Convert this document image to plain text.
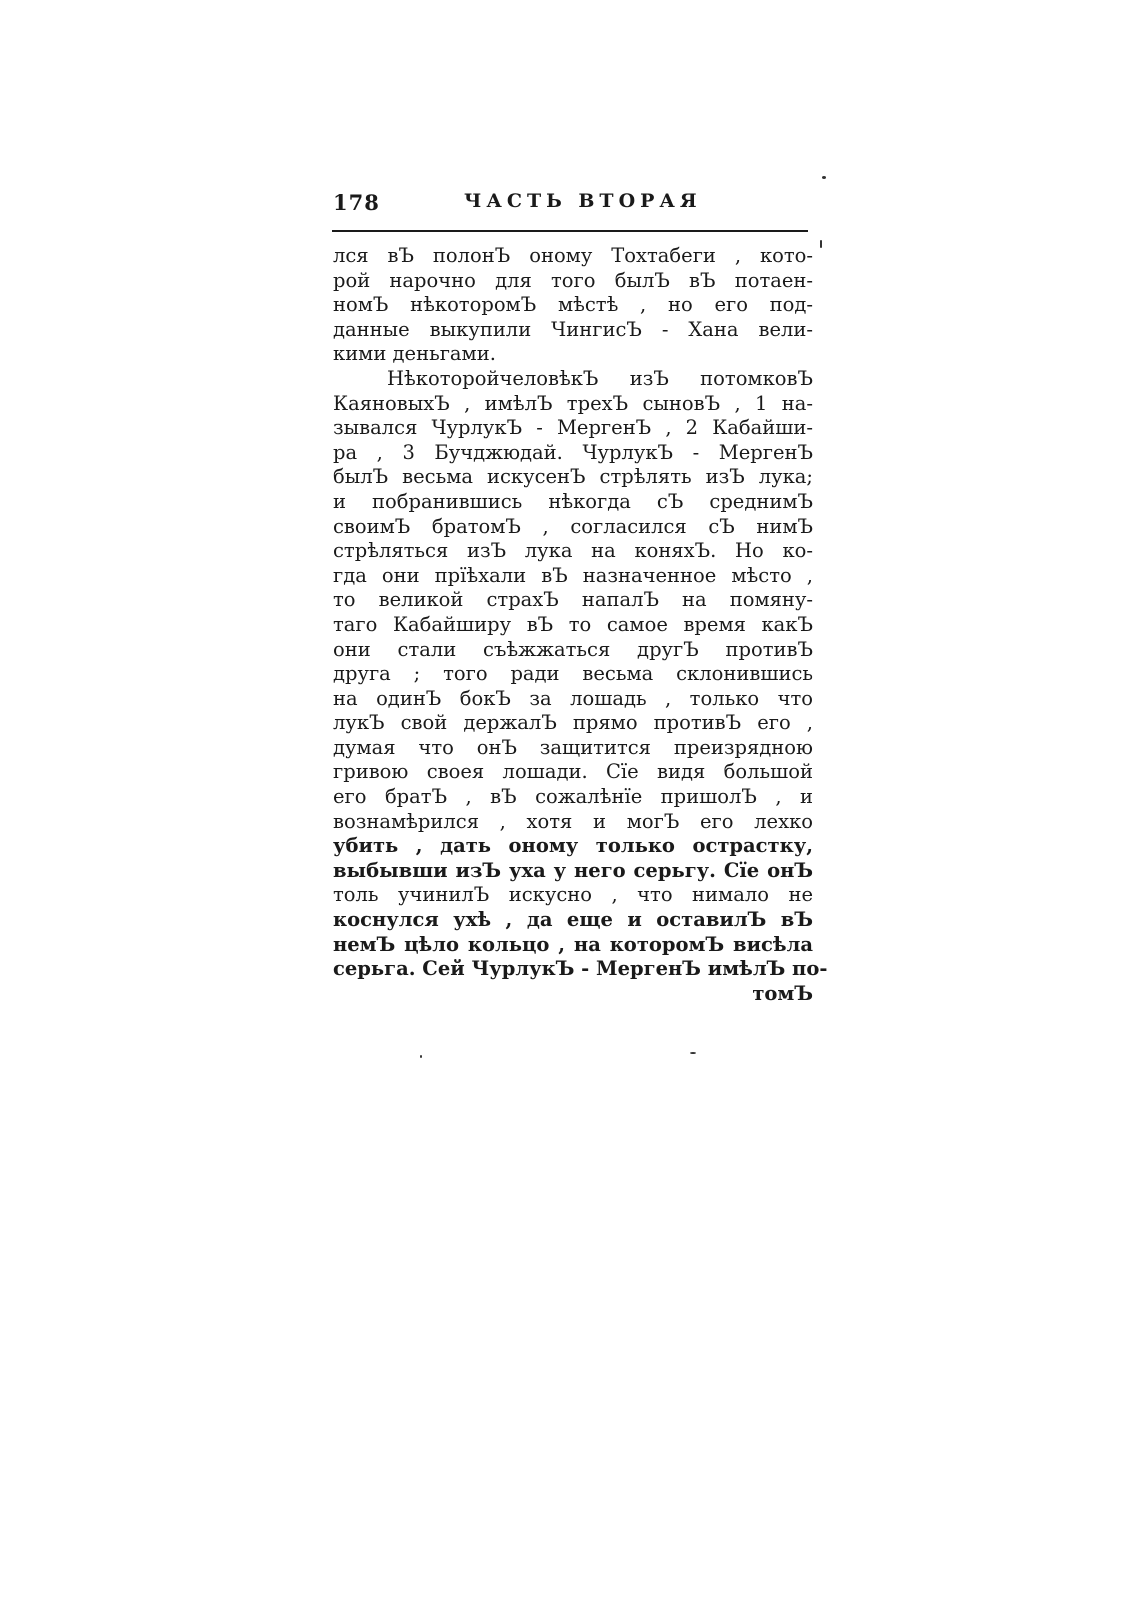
178	ЧАСТЬ ВТОРАЯ
лся вЪ полонЪ оному Тохтабеги , кото-
рой нарочно для того былЪ вЪ потаен-
номЪ нѣкоторомЪ мѣстѣ , но его под-
данные выкупили ЧингисЪ - Хана вели-
кими деньгами.
НѣкоторойчеловѣкЪ изЪ потомковЪ
КаяновыхЪ , имѣлЪ трехЪ сыновЪ , 1 на-
зывался ЧурлукЪ - МергенЪ , 2 Кабайши-
ра , 3 Бучджюдай. ЧурлукЪ - МергенЪ
былЪ весьма искусенЪ стрѣлять изЪ лука;
и побранившись нѣкогда сЪ среднимЪ
своимЪ братомЪ , согласился сЪ нимЪ
стрѣляться изЪ лука на коняхЪ. Но ко-
гда они прїѣхали вЪ назначенное мѣсто ,
то великой страхЪ напалЪ на помяну-
таго Кабайширу вЪ то самое время какЪ
они стали съѣжжаться другЪ противЪ
друга ; того ради весьма склонившись
на одинЪ бокЪ за лошадь , только что
лукЪ свой держалЪ прямо противЪ его ,
думая что онЪ защитится преизрядною
гривою своея лошади. Сїе видя большой
его братЪ , вЪ сожалѣнїе пришолЪ , и
вознамѣрился , хотя и могЪ его лехко
убить , дать оному только острастку,
выбывши изЪ уха у него серьгу. Сїе онЪ
толь учинилЪ искусно , что нимало не
коснулся ухѣ , да еще и оставилЪ вЪ
немЪ цѣло кольцо , на которомЪ висѣла
серьга. Сей ЧурлукЪ - МергенЪ имѣлЪ по-
томЪ
